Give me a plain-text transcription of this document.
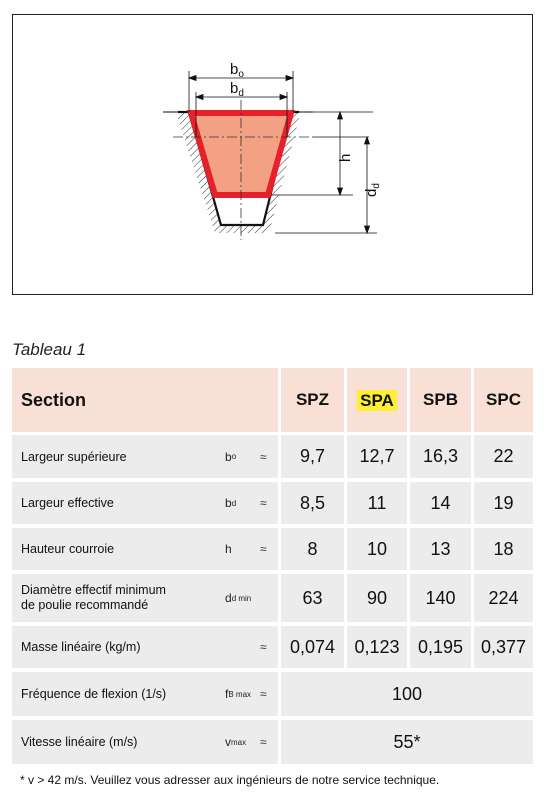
$b_o$
$b_d$
h
$d_d$
Tableau 1
Section	SPZ SPA SPB SPC
Largeur supérieure	b o ≈	9,7	12,7	16,3	22
Largeur effective	b d ≈	8,5	11	14	19
Hauteur courroie	h ≈	8	10	13	18
Diamètre effectif minimum
de poulie recommandé
d d min	63	90	140	224
Masse linéaire (kg/m)	≈	0,074	0,123	0,195 0,377
Fréquence de flexion (1/s)	f B max ≈	100
Vitesse linéaire (m/s)	v max ≈	55*
* v > 42 m/s. Veuillez vous adresser aux ingénieurs de notre service technique.
